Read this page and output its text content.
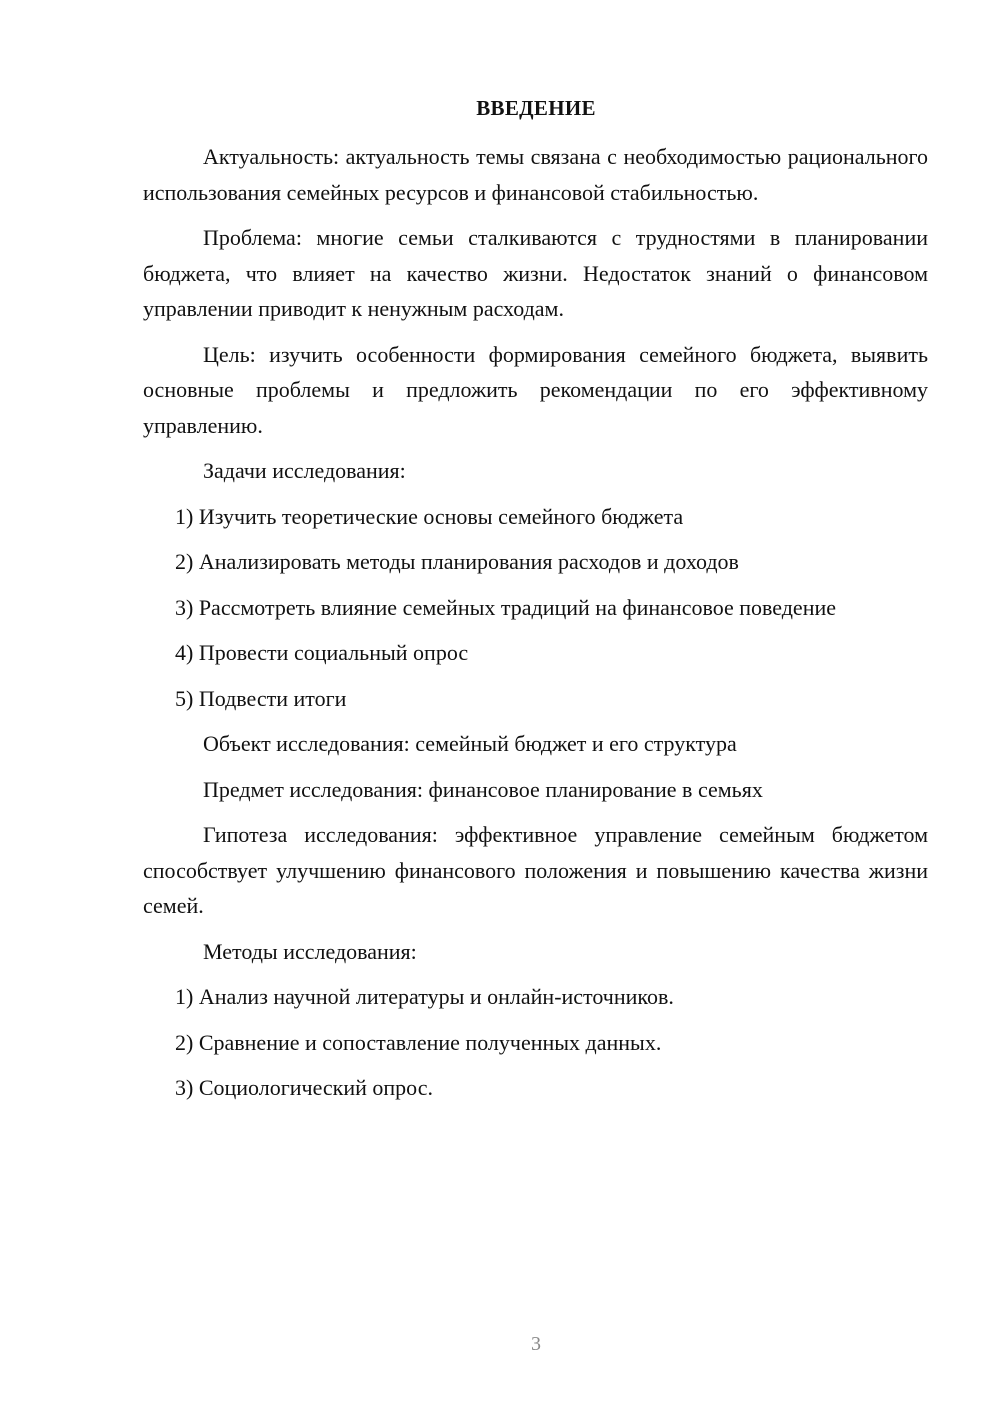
ВВЕДЕНИЕ

Актуальность: актуальность темы связана с необходимостью рационального использования семейных ресурсов и финансовой стабильностью.

Проблема: многие семьи сталкиваются с трудностями в планировании бюджета, что влияет на качество жизни. Недостаток знаний о финансовом управлении приводит к ненужным расходам.

Цель: изучить особенности формирования семейного бюджета, выявить основные проблемы и предложить рекомендации по его эффективному управлению.

Задачи исследования:

1) Изучить теоретические основы семейного бюджета

2) Анализировать методы планирования расходов и доходов

3) Рассмотреть влияние семейных традиций на финансовое поведение

4) Провести социальный опрос

5) Подвести итоги

Объект исследования: семейный бюджет и его структура

Предмет исследования: финансовое планирование в семьях

Гипотеза исследования: эффективное управление семейным бюджетом способствует улучшению финансового положения и повышению качества жизни семей.

Методы исследования:

1) Анализ научной литературы и онлайн-источников.

2) Сравнение и сопоставление полученных данных.

3) Социологический опрос.

3
